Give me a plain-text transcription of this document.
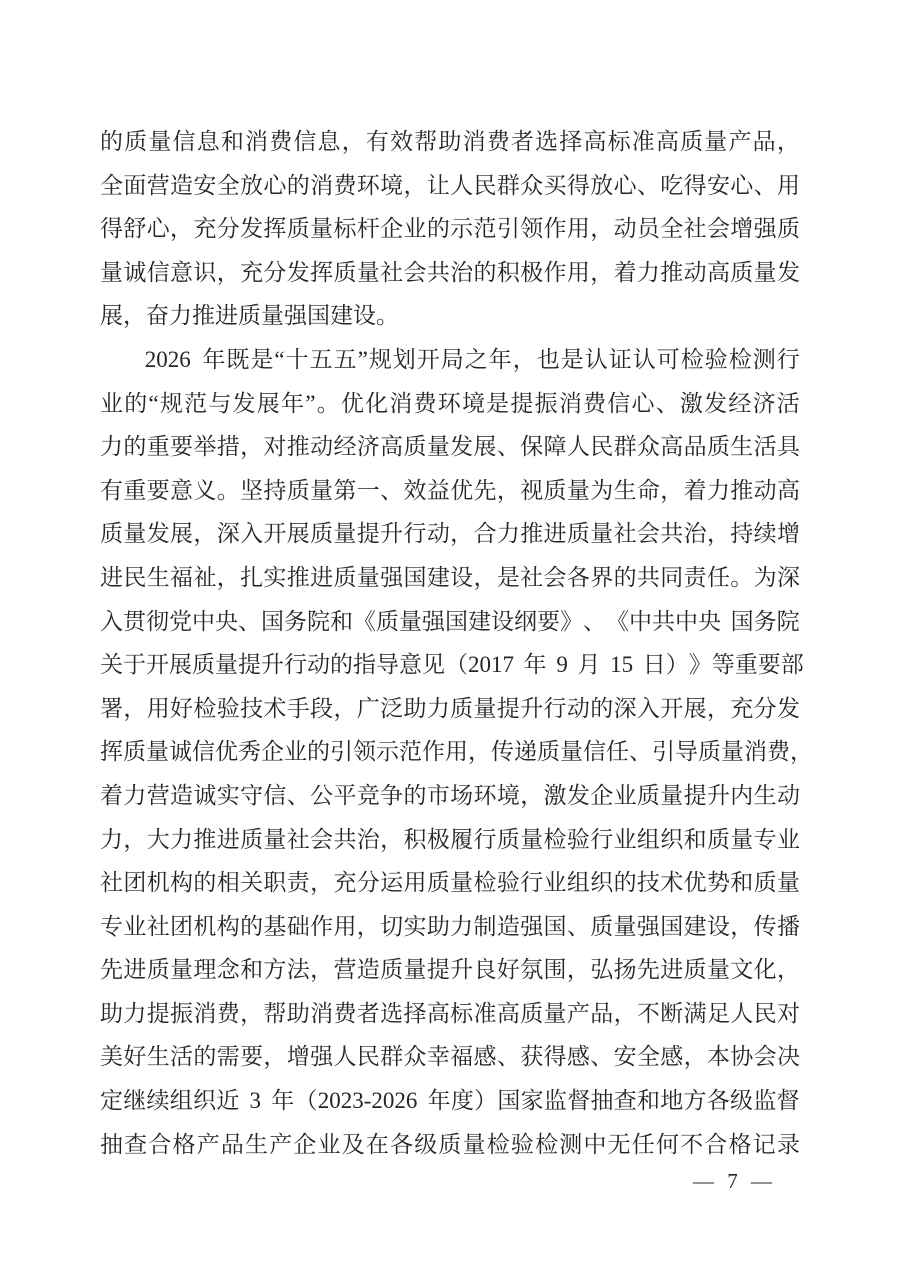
的 质 量 信 息 和 消 费 信 息 ， 有 效 帮 助 消 费 者 选 择 高 标 准 高 质 量 产 品 ，
全 面 营 造 安 全 放 心 的 消 费 环 境 ， 让 人 民 群 众 买 得 放 心 、 吃 得 安 心 、 用
得 舒 心 ， 充 分 发 挥 质 量 标 杆 企 业 的 示 范 引 领 作 用 ， 动 员 全 社 会 增 强 质
量 诚 信 意 识 ， 充 分 发 挥 质 量 社 会 共 治 的 积 极 作 用 ， 着 力 推 动 高 质 量 发
展，奋力推进质量强国建设。
2026
年 既 是 “ 十 五 五 ” 规 划 开 局 之 年 ， 也 是 认 证 认 可 检 验 检 测 行
业 的 “ 规 范 与 发 展 年 ” 。 优 化 消 费 环 境 是 提 振 消 费 信 心 、 激 发 经 济 活
力 的 重 要 举 措 ， 对 推 动 经 济 高 质 量 发 展 、 保 障 人 民 群 众 高 品 质 生 活 具
有 重 要 意 义 。 坚 持 质 量 第 一 、 效 益 优 先 ， 视 质 量 为 生 命 ， 着 力 推 动 高
质 量 发 展 ， 深 入 开 展 质 量 提 升 行 动 ， 合 力 推 进 质 量 社 会 共 治 ， 持 续 增
进 民 生 福 祉 ， 扎 实 推 进 质 量 强 国 建 设 ， 是 社 会 各 界 的 共 同 责 任 。 为 深
入 贯 彻 党 中 央 、 国 务 院 和 《 质 量 强 国 建 设 纲 要 》 、 《 中 共 中 央
国 务 院
关 于 开 展 质 量 提 升 行 动 的 指 导 意 见 （ 2017
年
9
月
15
日 ） 》 等 重 要 部
署 ， 用 好 检 验 技 术 手 段 ， 广 泛 助 力 质 量 提 升 行 动 的 深 入 开 展 ， 充 分 发
挥 质 量 诚 信 优 秀 企 业 的 引 领 示 范 作 用 ， 传 递 质 量 信 任 、 引 导 质 量 消 费 ，
着 力 营 造 诚 实 守 信 、 公 平 竞 争 的 市 场 环 境 ， 激 发 企 业 质 量 提 升 内 生 动
力 ， 大 力 推 进 质 量 社 会 共 治 ， 积 极 履 行 质 量 检 验 行 业 组 织 和 质 量 专 业
社 团 机 构 的 相 关 职 责 ， 充 分 运 用 质 量 检 验 行 业 组 织 的 技 术 优 势 和 质 量
专 业 社 团 机 构 的 基 础 作 用 ， 切 实 助 力 制 造 强 国 、 质 量 强 国 建 设 ， 传 播
先 进 质 量 理 念 和 方 法 ， 营 造 质 量 提 升 良 好 氛 围 ， 弘 扬 先 进 质 量 文 化 ，
助 力 提 振 消 费 ， 帮 助 消 费 者 选 择 高 标 准 高 质 量 产 品 ， 不 断 满 足 人 民 对
美 好 生 活 的 需 要 ， 增 强 人 民 群 众 幸 福 感 、 获 得 感 、 安 全 感 ， 本 协 会 决
定 继 续 组 织 近
3
年 （ 2023-2026
年 度 ） 国 家 监 督 抽 查 和 地 方 各 级 监 督
抽 查 合 格 产 品 生 产 企 业 及 在 各 级 质 量 检 验 检 测 中 无 任 何 不 合 格 记 录
— 7 —
